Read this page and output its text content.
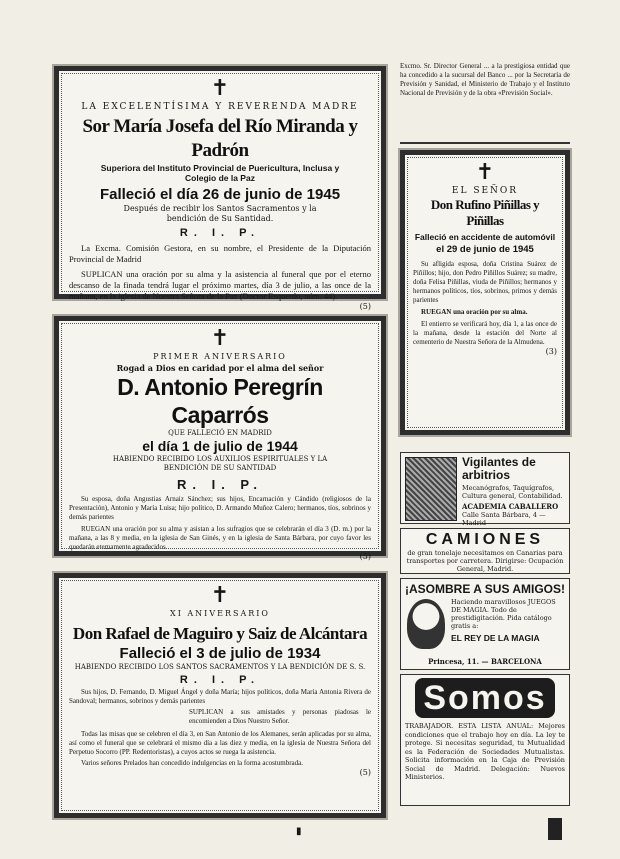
✝
LA EXCELENTÍSIMA Y REVERENDA MADRE
Sor María Josefa del Río Miranda y Padrón
Superiora del Instituto Provincial de Puericultura, Inclusa y Colegio de la Paz
Falleció el día 26 de junio de 1945
Después de recibir los Santos Sacramentos y la bendición de Su Santidad.
R. I. P.
La Excma. Comisión Gestora, en su nombre, el Presidente de la Diputación Provincial de Madrid
SUPLICAN una oración por su alma y la asistencia al funeral que por el eterno descanso de la finada tendrá lugar el próximo martes, día 3 de julio, a las once de la mañana, en la iglesia de Nuestra Señora de la Paz (Doctor Esquerdo, núm. 44).
(5)
✝
PRIMER ANIVERSARIO
Rogad a Dios en caridad por el alma del señor
D. Antonio Peregrín Caparrós
QUE FALLECIÓ EN MADRID
el día 1 de julio de 1944
HABIENDO RECIBIDO LOS AUXILIOS ESPIRITUALES Y LA BENDICIÓN DE SU SANTIDAD
R. I. P.
Su esposa, doña Angustias Arnaiz Sánchez; sus hijos, Encarnación y Cándido (religiosos de la Presentación), Antonio y María Luisa; hijo político, D. Armando Muñoz Calero; hermanos, tíos, sobrinos y demás parientes
RUEGAN una oración por su alma y asistan a los sufragios que se celebrarán el día 3 (D. m.) por la mañana, a las 8 y media, en la iglesia de San Ginés, y en la iglesia de Santa Bárbara, por cuyo favor les quedarán eternamente agradecidos.
(5)
✝
XI ANIVERSARIO
Don Rafael de Maguiro y Saiz de Alcántara
Falleció el 3 de julio de 1934
HABIENDO RECIBIDO LOS SANTOS SACRAMENTOS Y LA BENDICIÓN DE S. S.
R. I. P.
Sus hijos, D. Fernando, D. Miguel Ángel y doña María; hijos políticos, doña María Antonia Rivera de Sandoval; hermanos, sobrinos y demás parientes
SUPLICAN a sus amistades y personas piadosas le encomienden a Dios Nuestro Señor.
Todas las misas que se celebren el día 3, en San Antonio de los Alemanes, serán aplicadas por su alma, así como el funeral que se celebrará el mismo día a las diez y media, en la iglesia de Nuestra Señora del Perpetuo Socorro (PP. Redentoristas), a cuyos actos se ruega la asistencia.
Varios señores Prelados han concedido indulgencias en la forma acostumbrada.
(5)
Excmo. Sr. Director General ... a la prestigiosa entidad que ha concedido a la sucursal del Banco ... por la Secretaría de Previsión y Sanidad, el Ministerio de Trabajo y el Instituto Nacional de Previsión y de la obra «Previsión Social».
✝
EL SEÑOR
Don Rufino Piñillas y Piñillas
Falleció en accidente de automóvil
el 29 de junio de 1945
Su afligida esposa, doña Cristina Suárez de Piñillos; hijo, don Pedro Piñillos Suárez; su madre, doña Felisa Piñillas, viuda de Piñillos; hermanos y hermanos políticos, tíos, sobrinos, primos y demás parientes
RUEGAN una oración por su alma.
El entierro se verificará hoy, día 1, a las once de la mañana, desde la estación del Norte al cementerio de Nuestra Señora de la Almudena.
(3)
Vigilantes de arbitrios
Mecanógrafos, Taquígrafos, Cultura general, Contabilidad.
ACADEMIA CABALLERO
Calle Santa Bárbara, 4 — Madrid
CAMIONES
de gran tonelaje necesitamos en Canarias para transportes por carretera. Dirigirse: Ocupación General, Madrid.
¡ASOMBRE A SUS AMIGOS!
Haciendo maravillosos JUEGOS DE MAGIA. Todo de prestidigitación. Pida catálogo gratis a:
EL REY DE LA MAGIA
Princesa, 11. — BARCELONA
Somos
TRABAJADOR. ESTA LISTA ANUAL: Mejores condiciones que el trabajo hoy en día. La ley te protege. Si necesitas seguridad, tu Mutualidad es la Federación de Sociedades Mutualistas. Solicita información en la Caja de Previsión Social de Madrid. Delegación: Nuevos Ministerios.
▮
